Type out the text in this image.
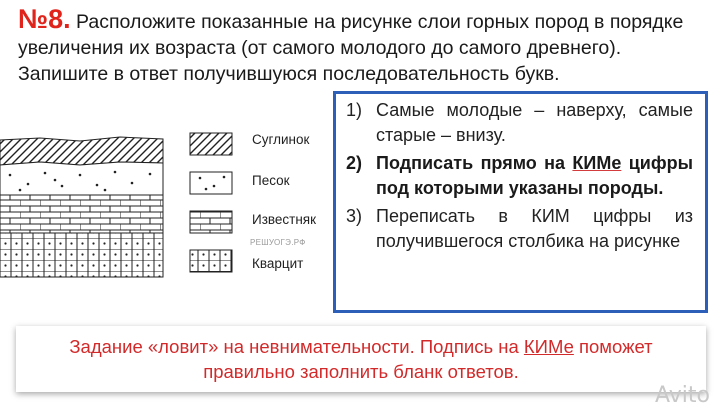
№8. Расположите показанные на рисунке слои горных пород в порядке увеличения их возраста (от самого молодого до самого древнего). Запишите в ответ получившуюся последовательность букв.
Суглинок
Песок
Известняк
РЕШУОГЭ.РФ
Кварцит
1) Самые молодые – наверху, самые старые – внизу.
2) Подписать прямо на КИМе цифры под которыми указаны породы.
3) Переписать в КИМ цифры из получившегося столбика на рисунке
Задание «ловит» на невнимательности. Подпись на КИМе поможет
правильно заполнить бланк ответов.
Avito
